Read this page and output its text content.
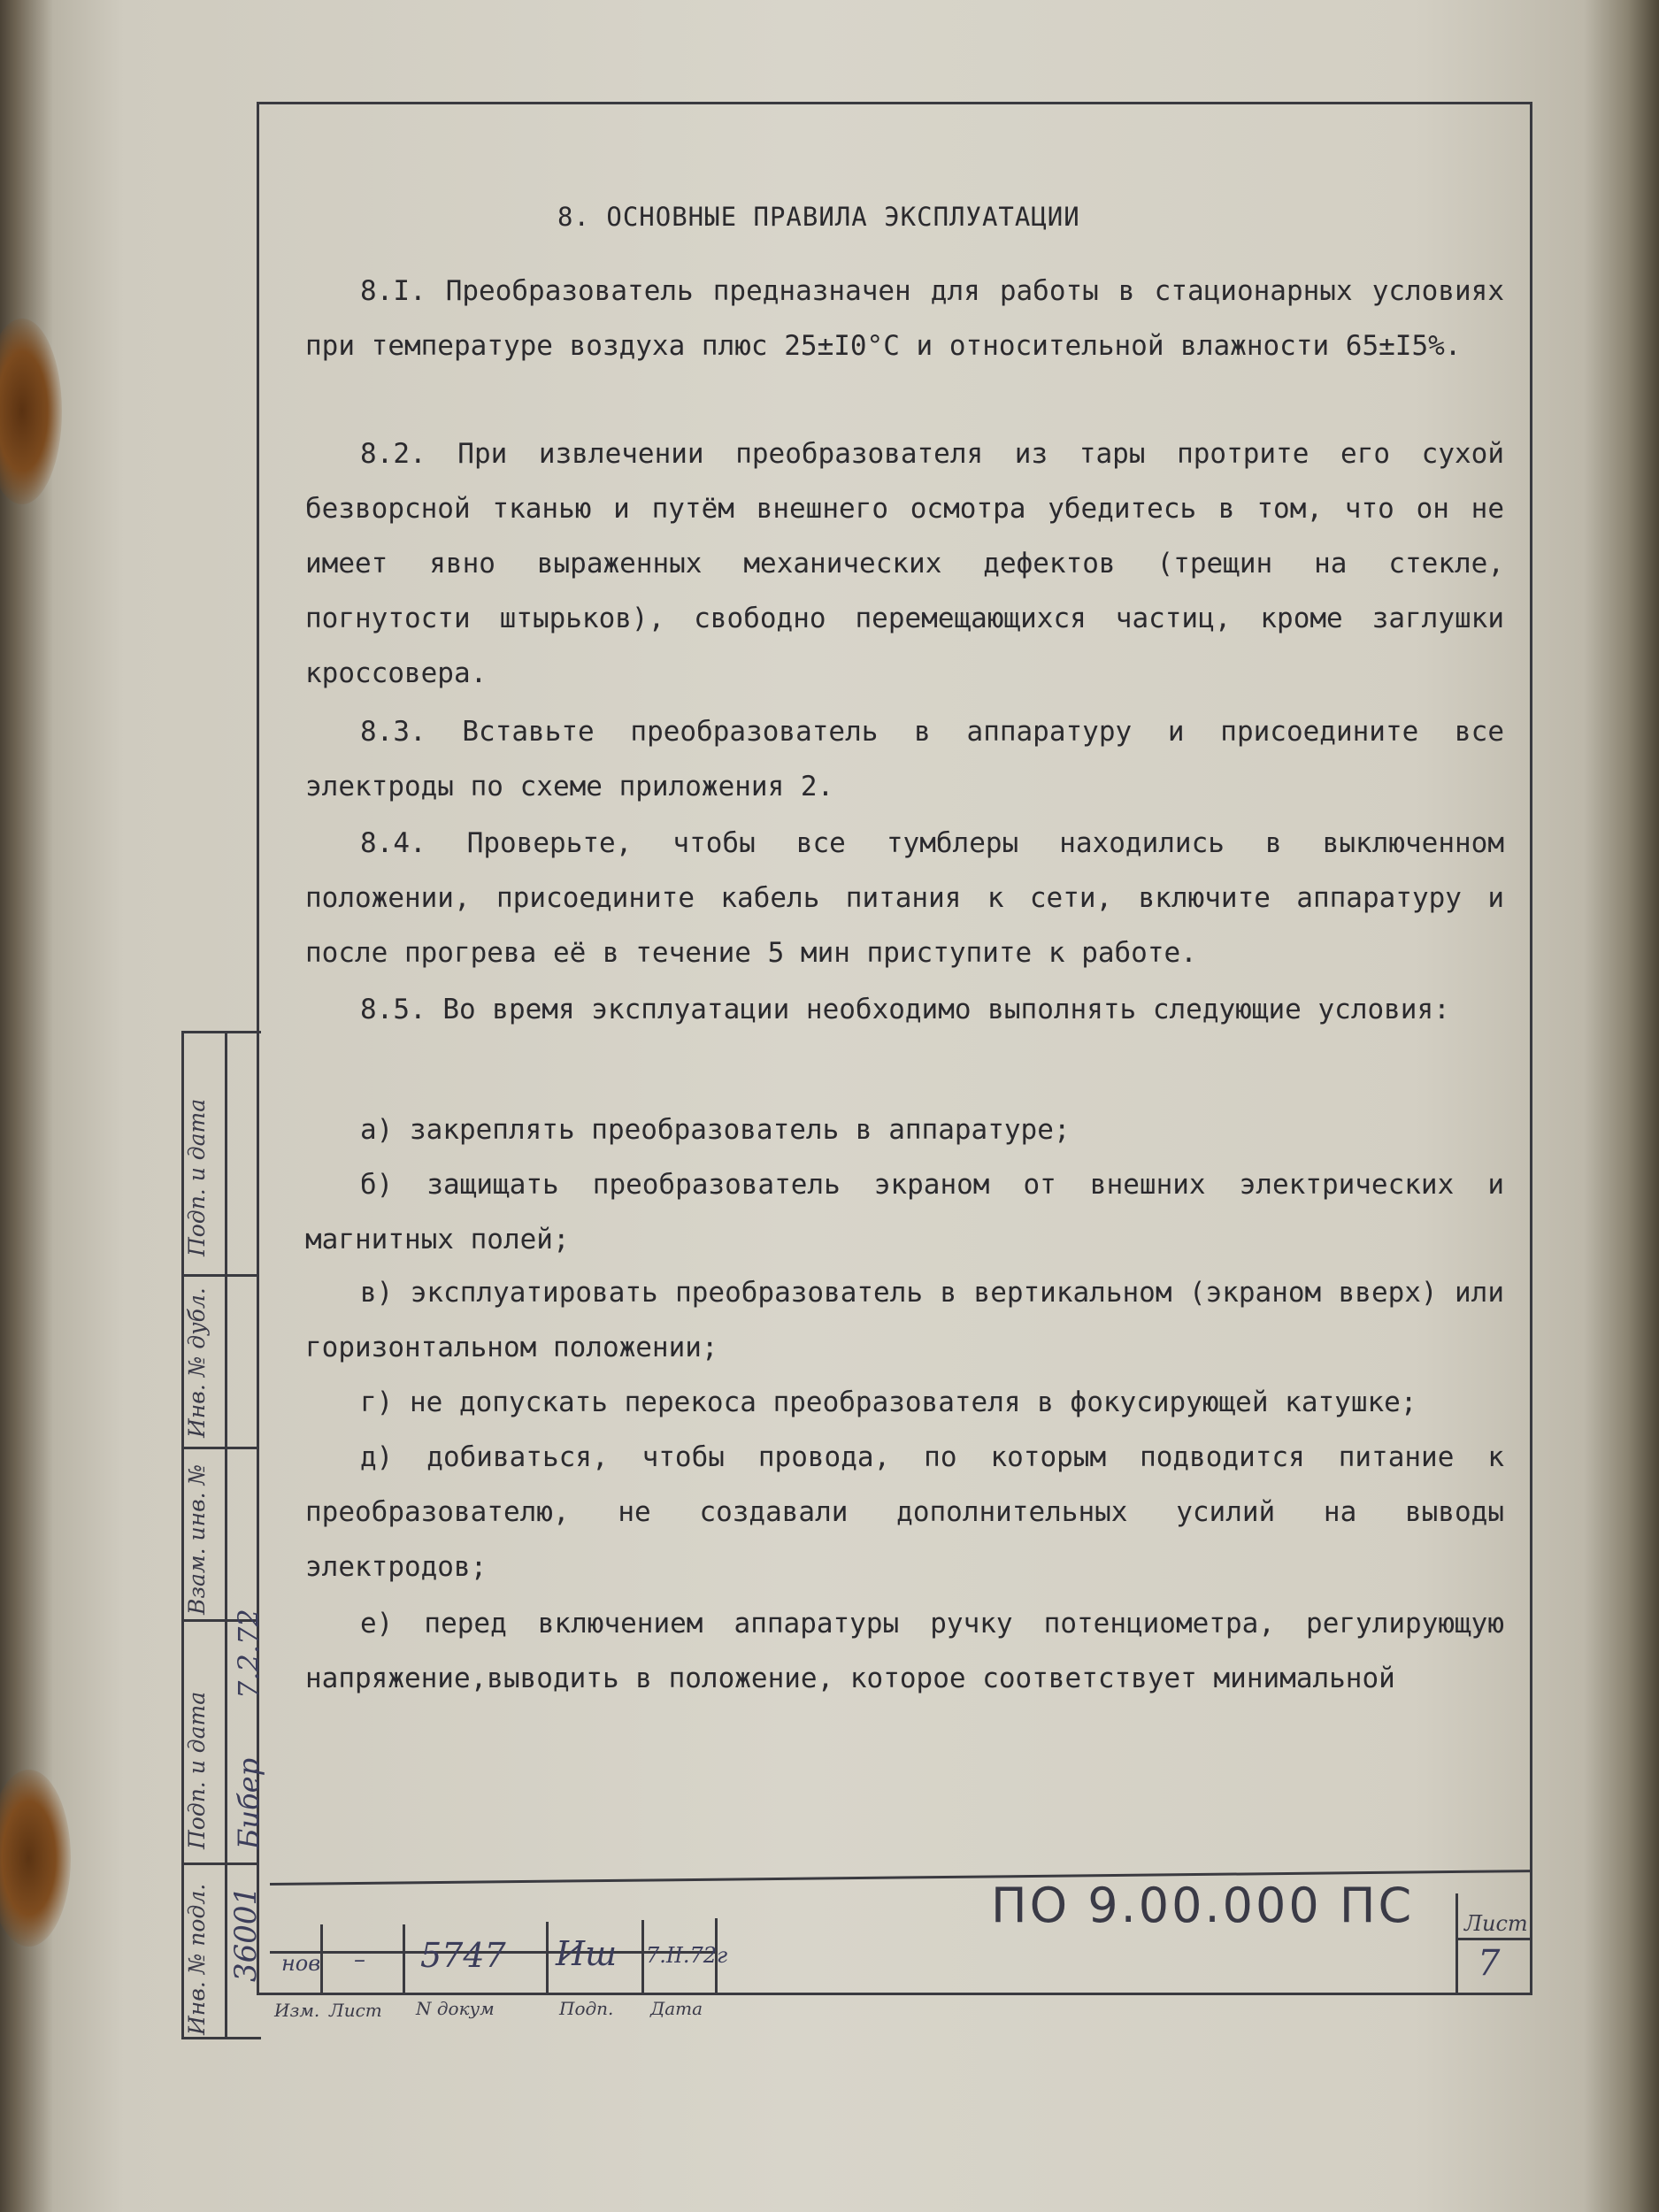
Подп. и дата
Инв. № дубл.
Взам. инв. №
Подп. и дата
Инв. № подл.
7.2.72
Бибер
36001
8. ОСНОВНЫЕ ПРАВИЛА ЭКСПЛУАТАЦИИ

8.I. Преобразователь предназначен для работы в стационарных условиях при температуре воздуха плюс 25±I0°C и относительной влажности 65±I5%.

8.2. При извлечении преобразователя из тары протрите его сухой безворсной тканью и путём внешнего осмотра убедитесь в том, что он не имеет явно выраженных механических дефектов (трещин на стекле, погнутости штырьков), свободно перемещающихся частиц, кроме заглушки кроссовера.

8.3. Вставьте преобразователь в аппаратуру и присоедините все электроды по схеме приложения 2.

8.4. Проверьте, чтобы все тумблеры находились в выключенном положении, присоедините кабель питания к сети, включите аппаратуру и после прогрева её в течение 5 мин приступите к работе.

8.5. Во время эксплуатации необходимо выполнять следующие условия:

а) закреплять преобразователь в аппаратуре;

б) защищать преобразователь экраном от внешних электрических и магнитных полей;

в) эксплуатировать преобразователь в вертикальном (экраном вверх) или горизонтальном положении;

г) не допускать перекоса преобразователя в фокусирующей катушке;

д) добиваться, чтобы провода, по которым подводится питание к преобразователю, не создавали дополнительных усилий на выводы электродов;

е) перед включением аппаратуры ручку потенциометра, регулирующую напряжение,выводить в положение, которое соответствует минимальной

нов – 5747 Иш 7.II.72г
Изм. Лист N докум	Подп. Дата
ПО 9.00.000 ПС Лист
7
